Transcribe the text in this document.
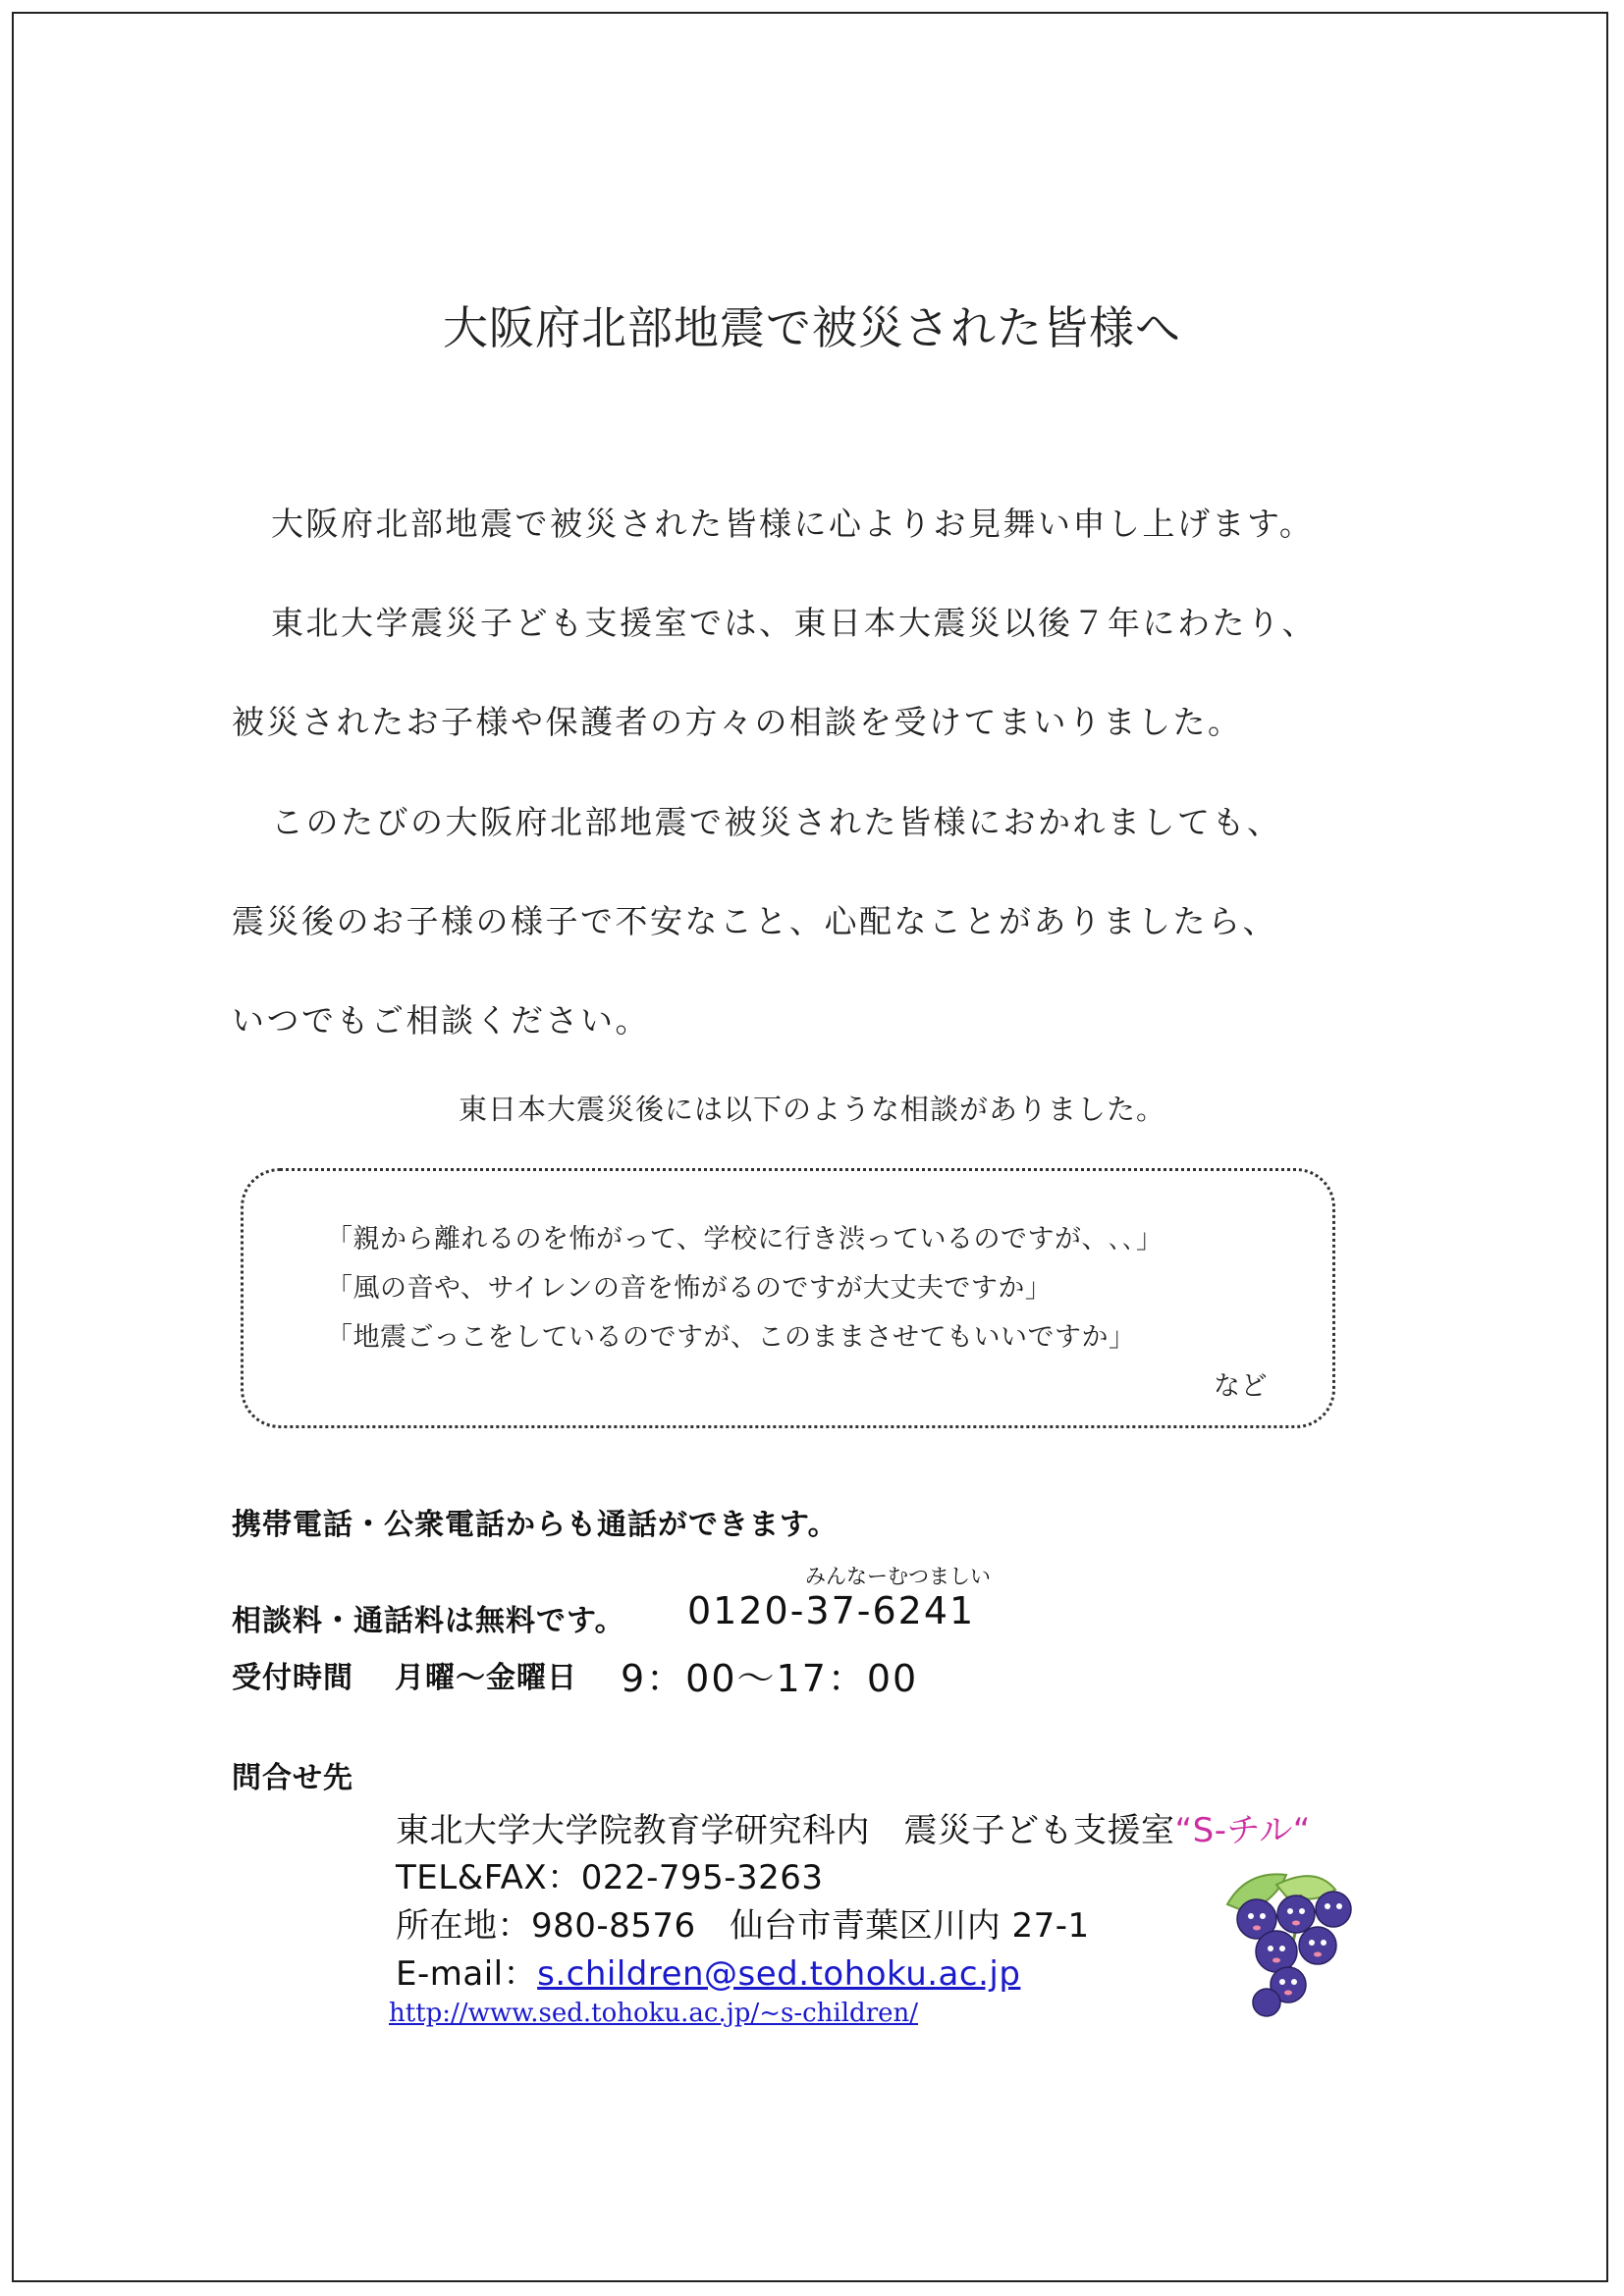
大阪府北部地震で被災された皆様へ
大阪府北部地震で被災された皆様に心よりお見舞い申し上げます。
東北大学震災子ども支援室では、東日本大震災以後７年にわたり、
被災されたお子様や保護者の方々の相談を受けてまいりました。
このたびの大阪府北部地震で被災された皆様におかれましても、
震災後のお子様の様子で不安なこと、心配なことがありましたら、
いつでもご相談ください。
東日本大震災後には以下のような相談がありました。
「親から離れるのを怖がって、学校に行き渋っているのですが、､､」
「風の音や、サイレンの音を怖がるのですが大丈夫ですか」
「地震ごっこをしているのですが、このままさせてもいいですか」
など
携帯電話・公衆電話からも通話ができます。
みんなーむつましい
相談料・通話料は無料です。 0120-37-6241
受付時間 月曜～金曜日 9：00～17：00
問合せ先
東北大学大学院教育学研究科内　震災子ども支援室“S-チル“
TEL&FAX：022-795-3263
所在地：980-8576　仙台市青葉区川内 27-1
E-mail：s.children@sed.tohoku.ac.jp
http://www.sed.tohoku.ac.jp/~s-children/
